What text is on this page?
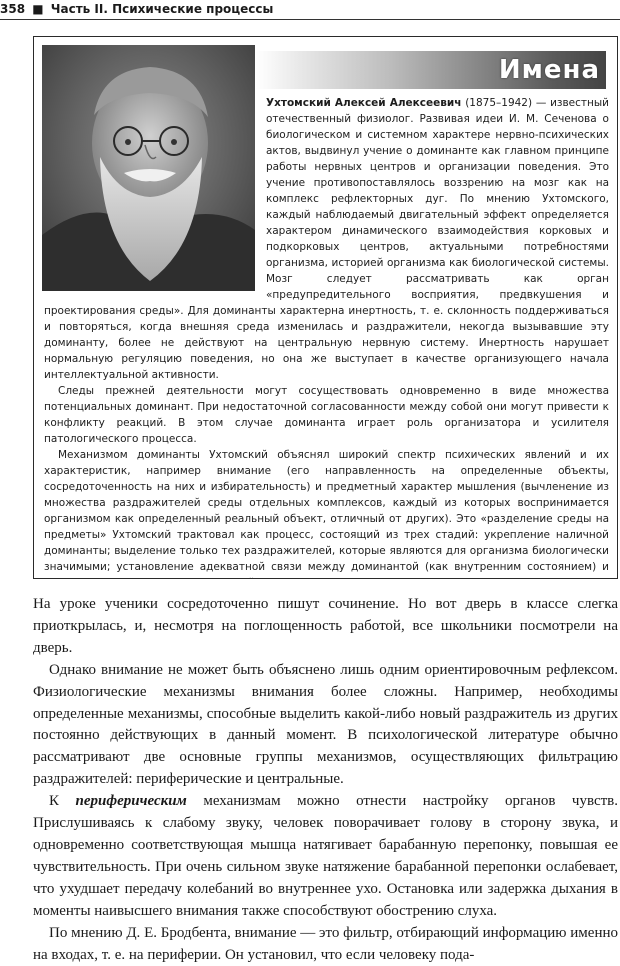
358 ■ Часть II. Психические процессы
Имена

Ухтомский Алексей Алексеевич (1875–1942) — известный отечественный физиолог. Развивая идеи И. М. Сеченова о биологическом и системном характере нервно-психических актов, выдвинул учение о доминанте как главном принципе работы нервных центров и организации поведения. Это учение противопоставлялось воззрению на мозг как на комплекс рефлекторных дуг. По мнению Ухтомского, каждый наблюдаемый двигательный эффект определяется характером динамического взаимодействия корковых и подкорковых центров, актуальными потребностями организма, историей организма как биологической системы. Мозг следует рассматривать как орган «предупредительного восприятия, предвкушения и проектирования среды». Для доминанты характерна инертность, т. е. склонность поддерживаться и повторяться, когда внешняя среда изменилась и раздражители, некогда вызывавшие эту доминанту, более не действуют на центральную нервную систему. Инертность нарушает нормальную регуляцию поведения, но она же выступает в качестве организующего начала интеллектуальной активности.

Следы прежней деятельности могут сосуществовать одновременно в виде множества потенциальных доминант. При недостаточной согласованности между собой они могут привести к конфликту реакций. В этом случае доминанта играет роль организатора и усилителя патологического процесса.

Механизмом доминанты Ухтомский объяснял широкий спектр психических явлений и их характеристик, например внимание (его направленность на определенные объекты, сосредоточенность на них и избирательность) и предметный характер мышления (вычленение из множества раздражителей среды отдельных комплексов, каждый из которых воспринимается организмом как определенный реальный объект, отличный от других). Это «разделение среды на предметы» Ухтомский трактовал как процесс, состоящий из трех стадий: укрепление наличной доминанты; выделение только тех раздражителей, которые являются для организма биологически значимыми; установление адекватной связи между доминантой (как внутренним состоянием) и

На уроке ученики сосредоточенно пишут сочинение. Но вот дверь в классе слегка приоткрылась, и, несмотря на поглощенность работой, все школьники посмотрели на дверь.

Однако внимание не может быть объяснено лишь одним ориентировочным рефлексом. Физиологические механизмы внимания более сложны. Например, необходимы определенные механизмы, способные выделить какой-либо новый раздражитель из других постоянно действующих в данный момент. В психологической литературе обычно рассматривают две основные группы механизмов, осуществляющих фильтрацию раздражителей: периферические и центральные.

К периферическим механизмам можно отнести настройку органов чувств. Прислушиваясь к слабому звуку, человек поворачивает голову в сторону звука, и одновременно соответствующая мышца натягивает барабанную перепонку, повышая ее чувствительность. При очень сильном звуке натяжение барабанной перепонки ослабевает, что ухудшает передачу колебаний во внутреннее ухо. Остановка или задержка дыхания в моменты наивысшего внимания также способствуют обострению слуха.

По мнению Д. Е. Бродбента, внимание — это фильтр, отбирающий информацию именно на входах, т. е. на периферии. Он установил, что если человеку пода-
